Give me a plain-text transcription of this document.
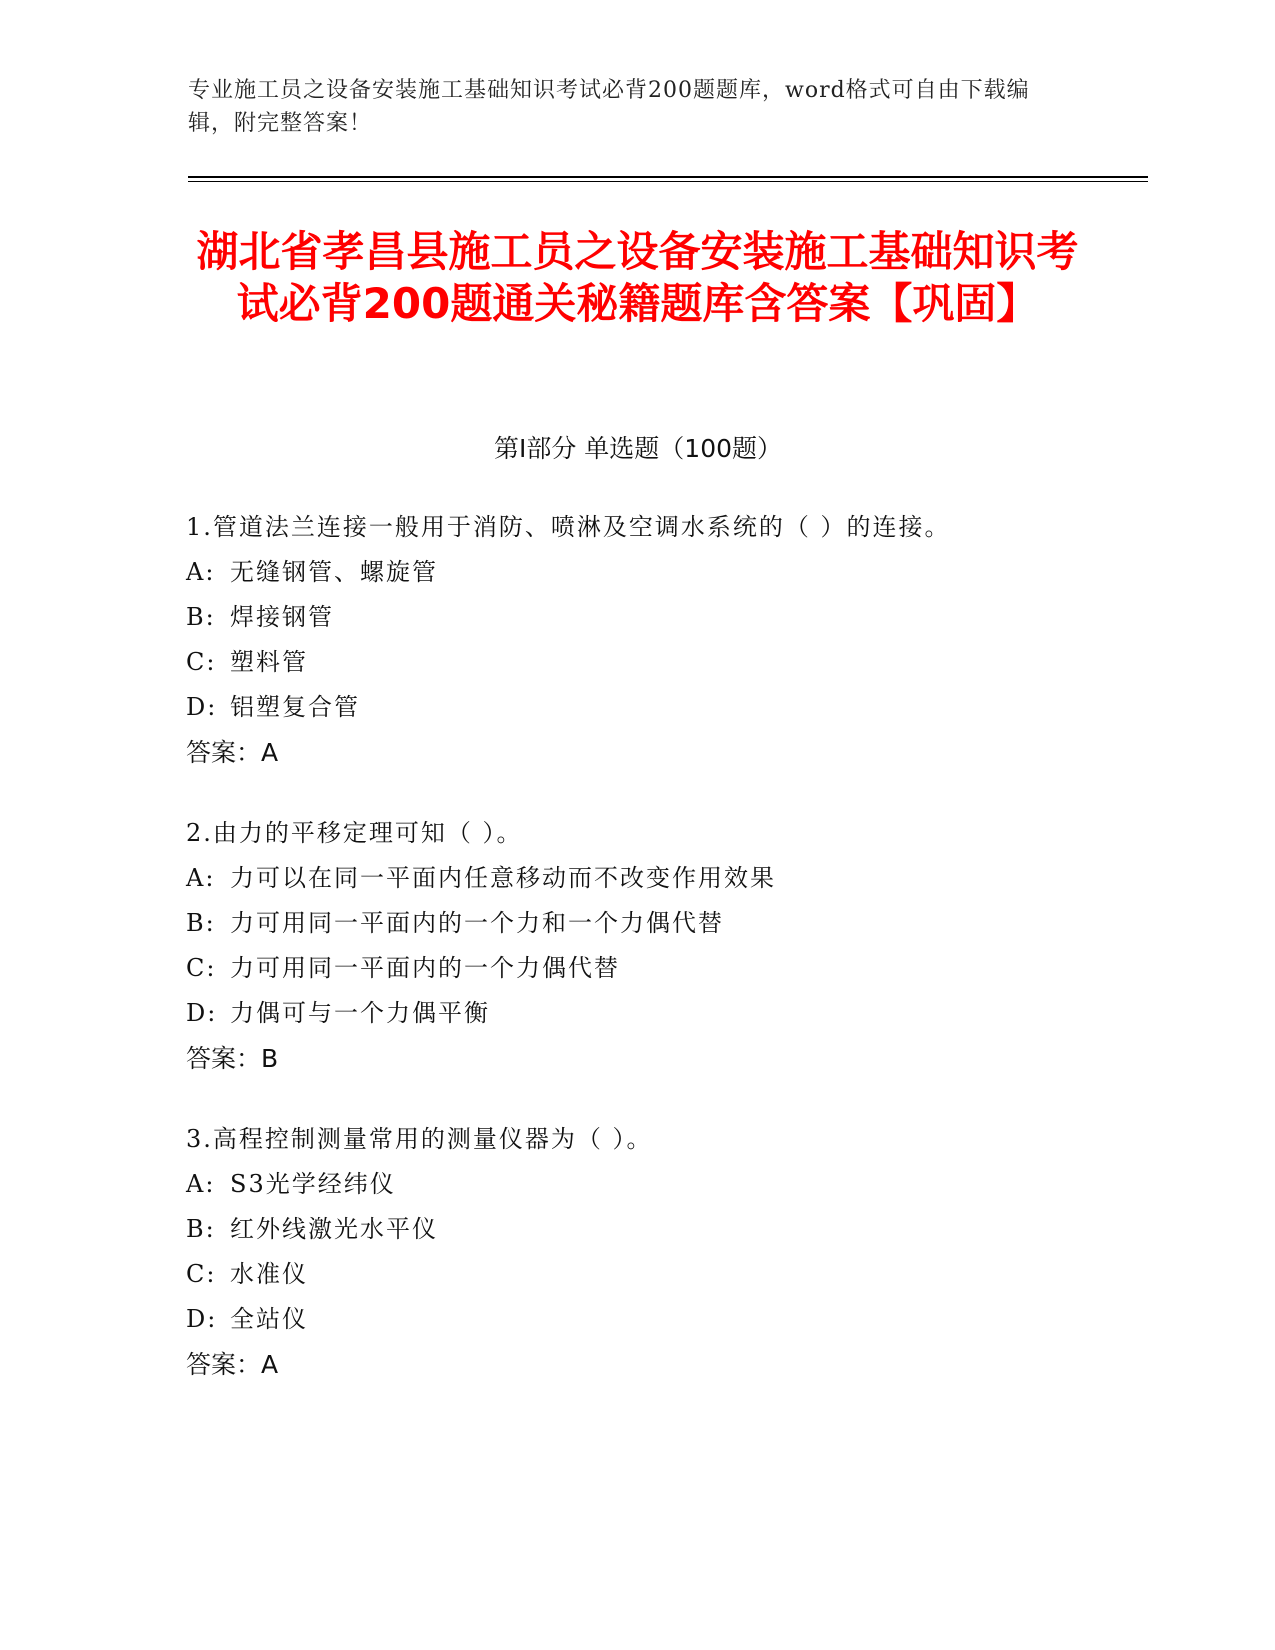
专业施工员之设备安装施工基础知识考试必背200题题库，word格式可自由下载编辑，附完整答案！
湖北省孝昌县施工员之设备安装施工基础知识考试必背200题通关秘籍题库含答案【巩固】
第I部分 单选题（100题）
1.管道法兰连接一般用于消防、喷淋及空调水系统的（ ）的连接。
A: 无缝钢管、螺旋管
B: 焊接钢管
C: 塑料管
D: 铝塑复合管
答案：A
2.由力的平移定理可知（ ）。
A: 力可以在同一平面内任意移动而不改变作用效果
B: 力可用同一平面内的一个力和一个力偶代替
C: 力可用同一平面内的一个力偶代替
D: 力偶可与一个力偶平衡
答案：B
3.高程控制测量常用的测量仪器为（ ）。
A: S3光学经纬仪
B: 红外线激光水平仪
C: 水准仪
D: 全站仪
答案：A
